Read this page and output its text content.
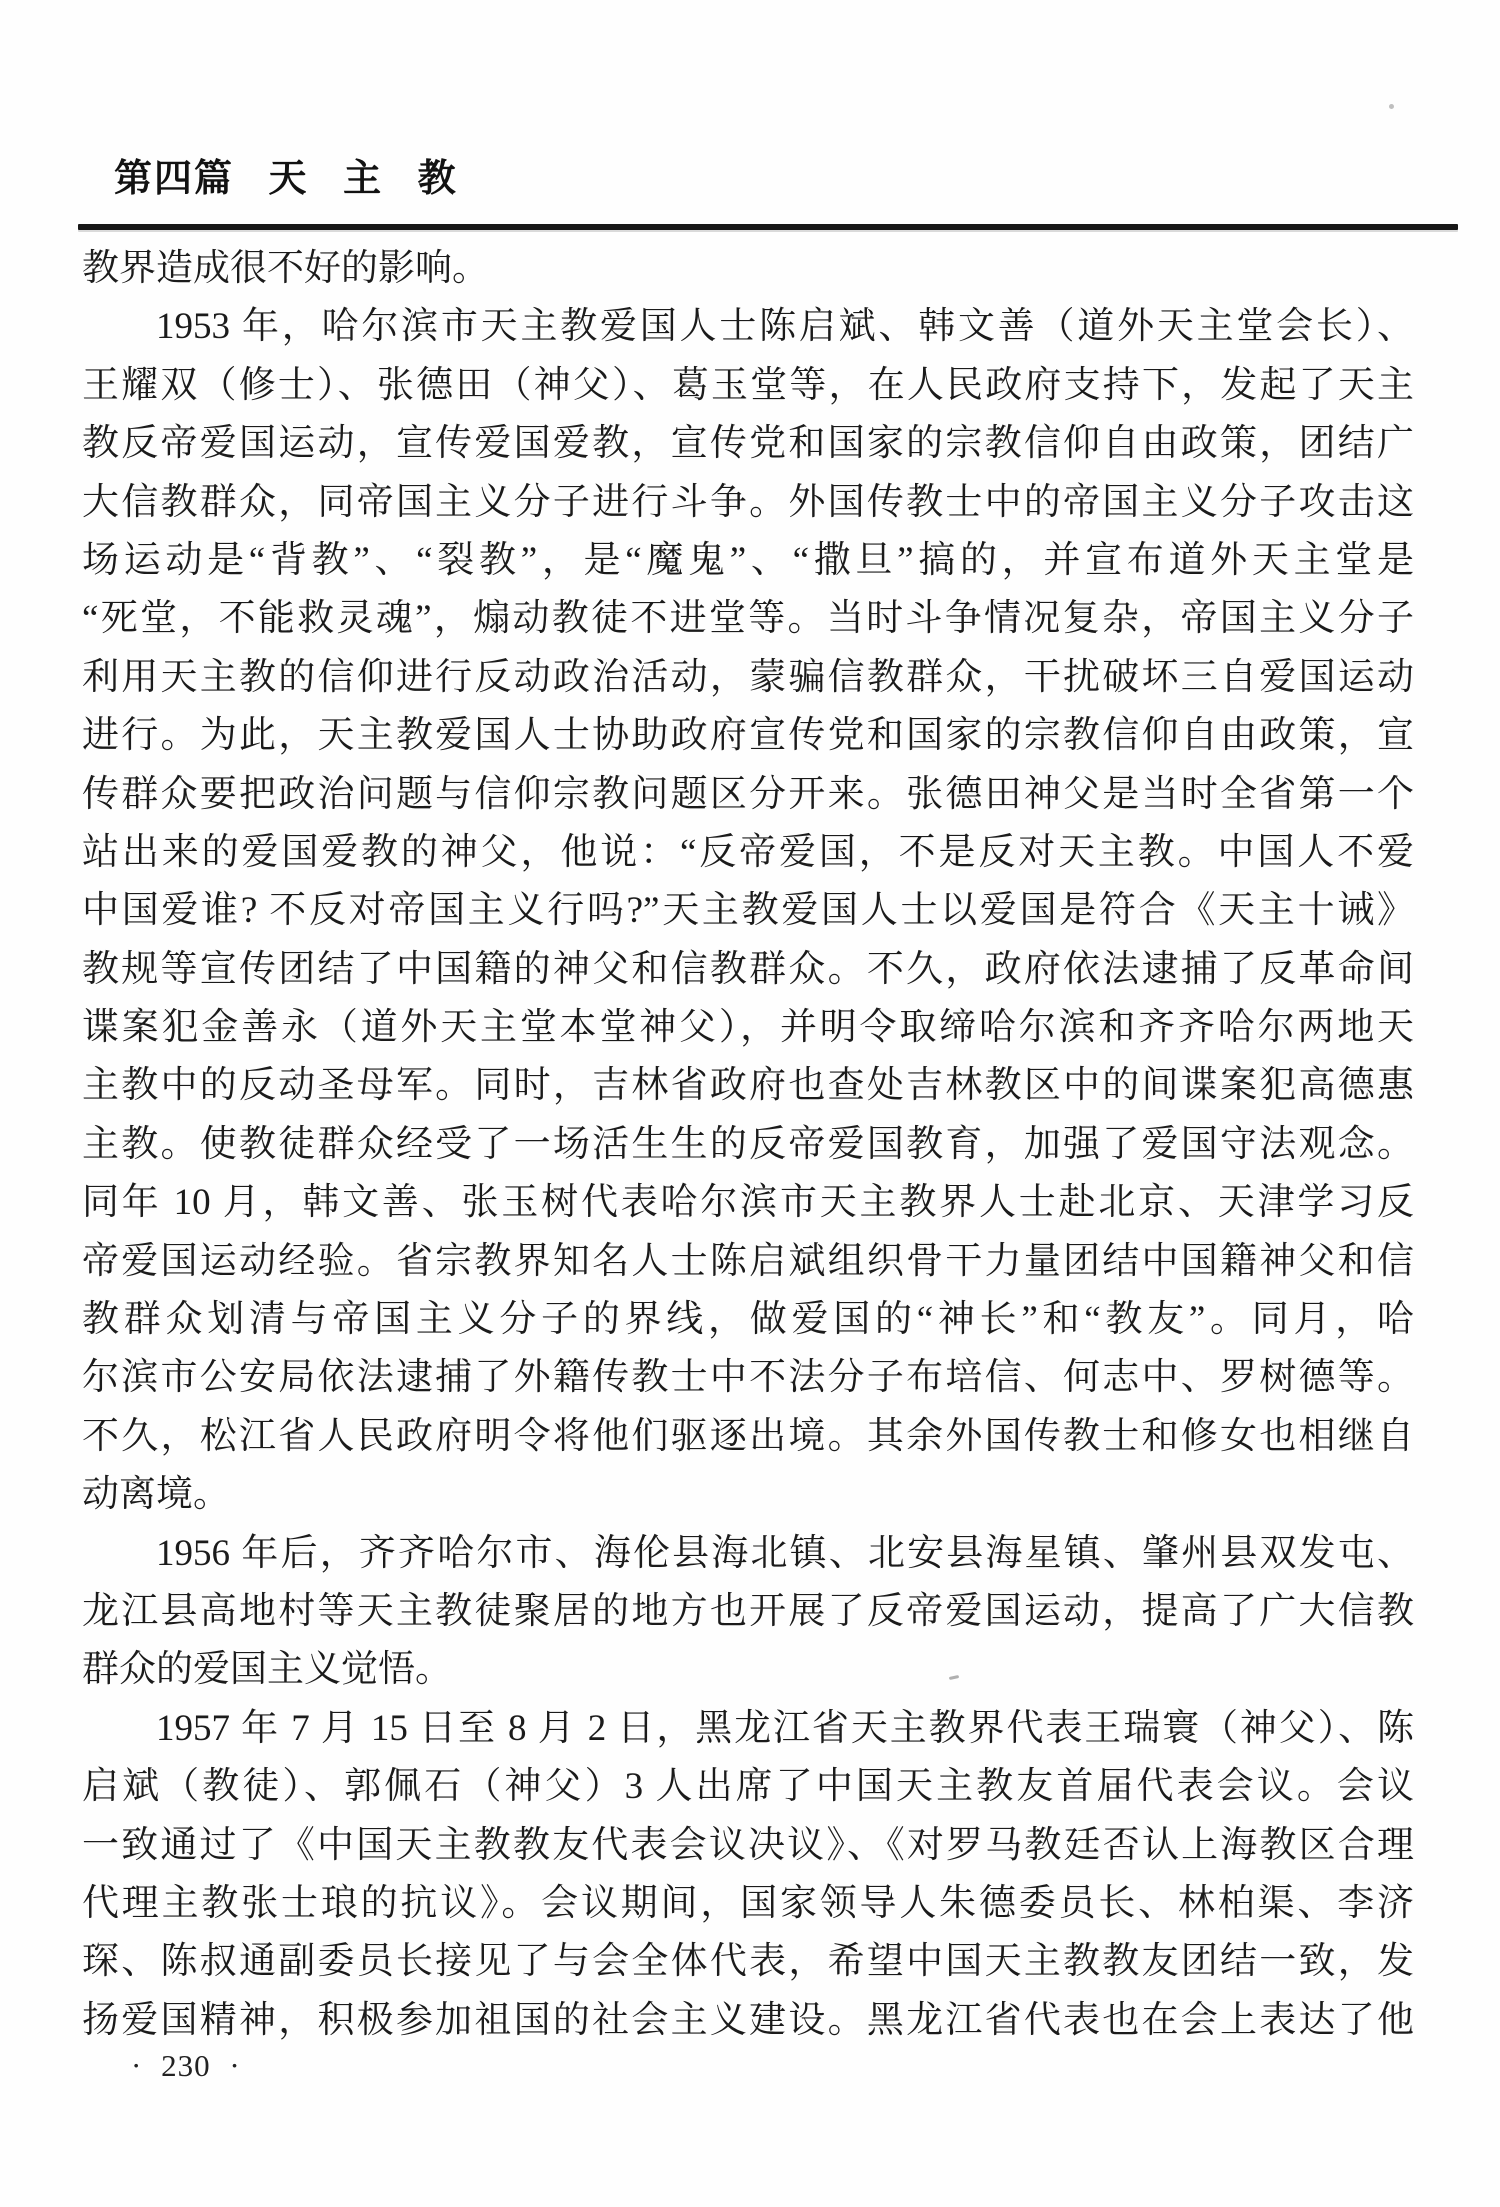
第四篇 天 主 教
教界造成很不好的影响。
1953 年，哈尔滨市天主教爱国人士陈启斌、韩文善（道外天主堂会长）、
王耀双（修士）、张德田（神父）、葛玉堂等，在人民政府支持下，发起了天主
教反帝爱国运动，宣传爱国爱教，宣传党和国家的宗教信仰自由政策，团结广
大信教群众，同帝国主义分子进行斗争。外国传教士中的帝国主义分子攻击这
场运动是“背教”、“裂教”，是“魔鬼”、“撒旦”搞的，并宣布道外天主堂是
“死堂，不能救灵魂”，煽动教徒不进堂等。当时斗争情况复杂，帝国主义分子
利用天主教的信仰进行反动政治活动，蒙骗信教群众，干扰破坏三自爱国运动
进行。为此，天主教爱国人士协助政府宣传党和国家的宗教信仰自由政策，宣
传群众要把政治问题与信仰宗教问题区分开来。张德田神父是当时全省第一个
站出来的爱国爱教的神父，他说：“反帝爱国，不是反对天主教。中国人不爱
中国爱谁? 不反对帝国主义行吗?”天主教爱国人士以爱国是符合《天主十诫》
教规等宣传团结了中国籍的神父和信教群众。不久，政府依法逮捕了反革命间
谍案犯金善永（道外天主堂本堂神父），并明令取缔哈尔滨和齐齐哈尔两地天
主教中的反动圣母军。同时，吉林省政府也查处吉林教区中的间谍案犯高德惠
主教。使教徒群众经受了一场活生生的反帝爱国教育，加强了爱国守法观念。
同年 10 月，韩文善、张玉树代表哈尔滨市天主教界人士赴北京、天津学习反
帝爱国运动经验。省宗教界知名人士陈启斌组织骨干力量团结中国籍神父和信
教群众划清与帝国主义分子的界线，做爱国的“神长”和“教友”。同月，哈
尔滨市公安局依法逮捕了外籍传教士中不法分子布培信、何志中、罗树德等。
不久，松江省人民政府明令将他们驱逐出境。其余外国传教士和修女也相继自
动离境。
1956 年后，齐齐哈尔市、海伦县海北镇、北安县海星镇、肇州县双发屯、
龙江县高地村等天主教徒聚居的地方也开展了反帝爱国运动，提高了广大信教
群众的爱国主义觉悟。
1957 年 7 月 15 日至 8 月 2 日，黑龙江省天主教界代表王瑞寰（神父）、陈
启斌（教徒）、郭佩石（神父）3 人出席了中国天主教友首届代表会议。会议
一致通过了《中国天主教教友代表会议决议》、《对罗马教廷否认上海教区合理
代理主教张士琅的抗议》。会议期间，国家领导人朱德委员长、林柏渠、李济
琛、陈叔通副委员长接见了与会全体代表，希望中国天主教教友团结一致，发
扬爱国精神，积极参加祖国的社会主义建设。黑龙江省代表也在会上表达了他
· 230 ·
